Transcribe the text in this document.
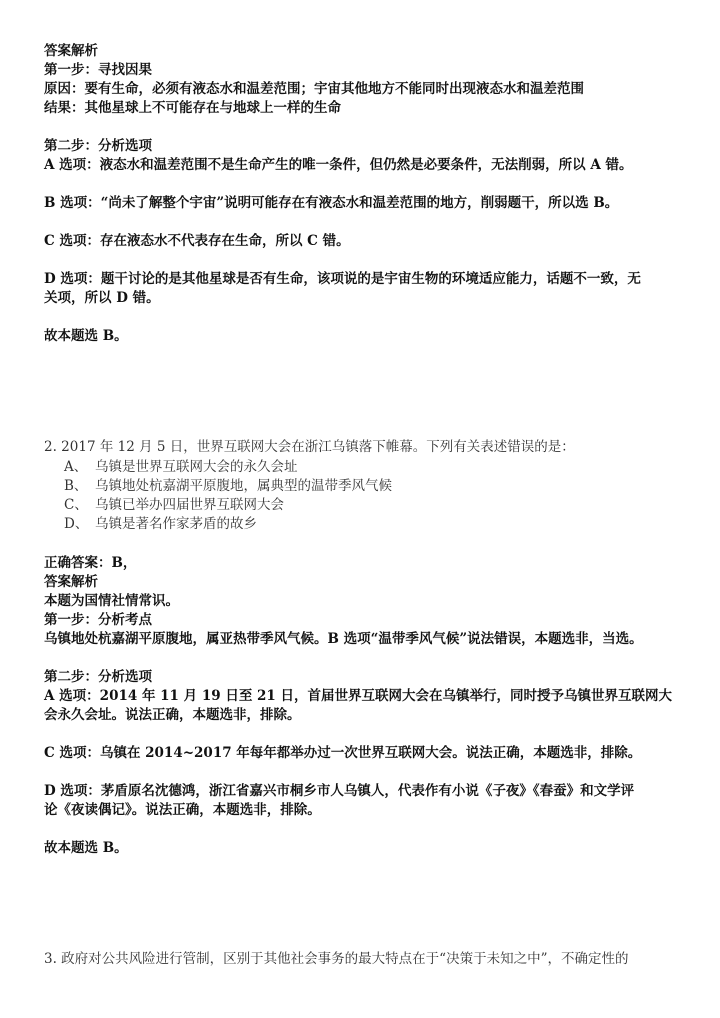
答案解析
第一步：寻找因果
原因：要有生命，必须有液态水和温差范围；宇宙其他地方不能同时出现液态水和温差范围
结果：其他星球上不可能存在与地球上一样的生命
第二步：分析选项
A 选项：液态水和温差范围不是生命产生的唯一条件，但仍然是必要条件，无法削弱，所以 A 错。
B 选项：“尚未了解整个宇宙”说明可能存在有液态水和温差范围的地方，削弱题干，所以选 B。
C 选项：存在液态水不代表存在生命，所以 C 错。
D 选项：题干讨论的是其他星球是否有生命，该项说的是宇宙生物的环境适应能力，话题不一致，无
关项，所以 D 错。
故本题选 B。
2. 2017 年 12 月 5 日，世界互联网大会在浙江乌镇落下帷幕。下列有关表述错误的是：
A、 乌镇是世界互联网大会的永久会址
B、 乌镇地处杭嘉湖平原腹地，属典型的温带季风气候
C、 乌镇已举办四届世界互联网大会
D、 乌镇是著名作家茅盾的故乡
正确答案：B，
答案解析
本题为国情社情常识。
第一步：分析考点
乌镇地处杭嘉湖平原腹地，属亚热带季风气候。B 选项“温带季风气候”说法错误，本题选非，当选。
第二步：分析选项
A 选项：2014 年 11 月 19 日至 21 日，首届世界互联网大会在乌镇举行，同时授予乌镇世界互联网大
会永久会址。说法正确，本题选非，排除。
C 选项：乌镇在 2014~2017 年每年都举办过一次世界互联网大会。说法正确，本题选非，排除。
D 选项：茅盾原名沈德鸿，浙江省嘉兴市桐乡市人乌镇人，代表作有小说《子夜》《春蚕》和文学评
论《夜读偶记》。说法正确，本题选非，排除。
故本题选 B。
3. 政府对公共风险进行管制，区别于其他社会事务的最大特点在于“决策于未知之中”，不确定性的
